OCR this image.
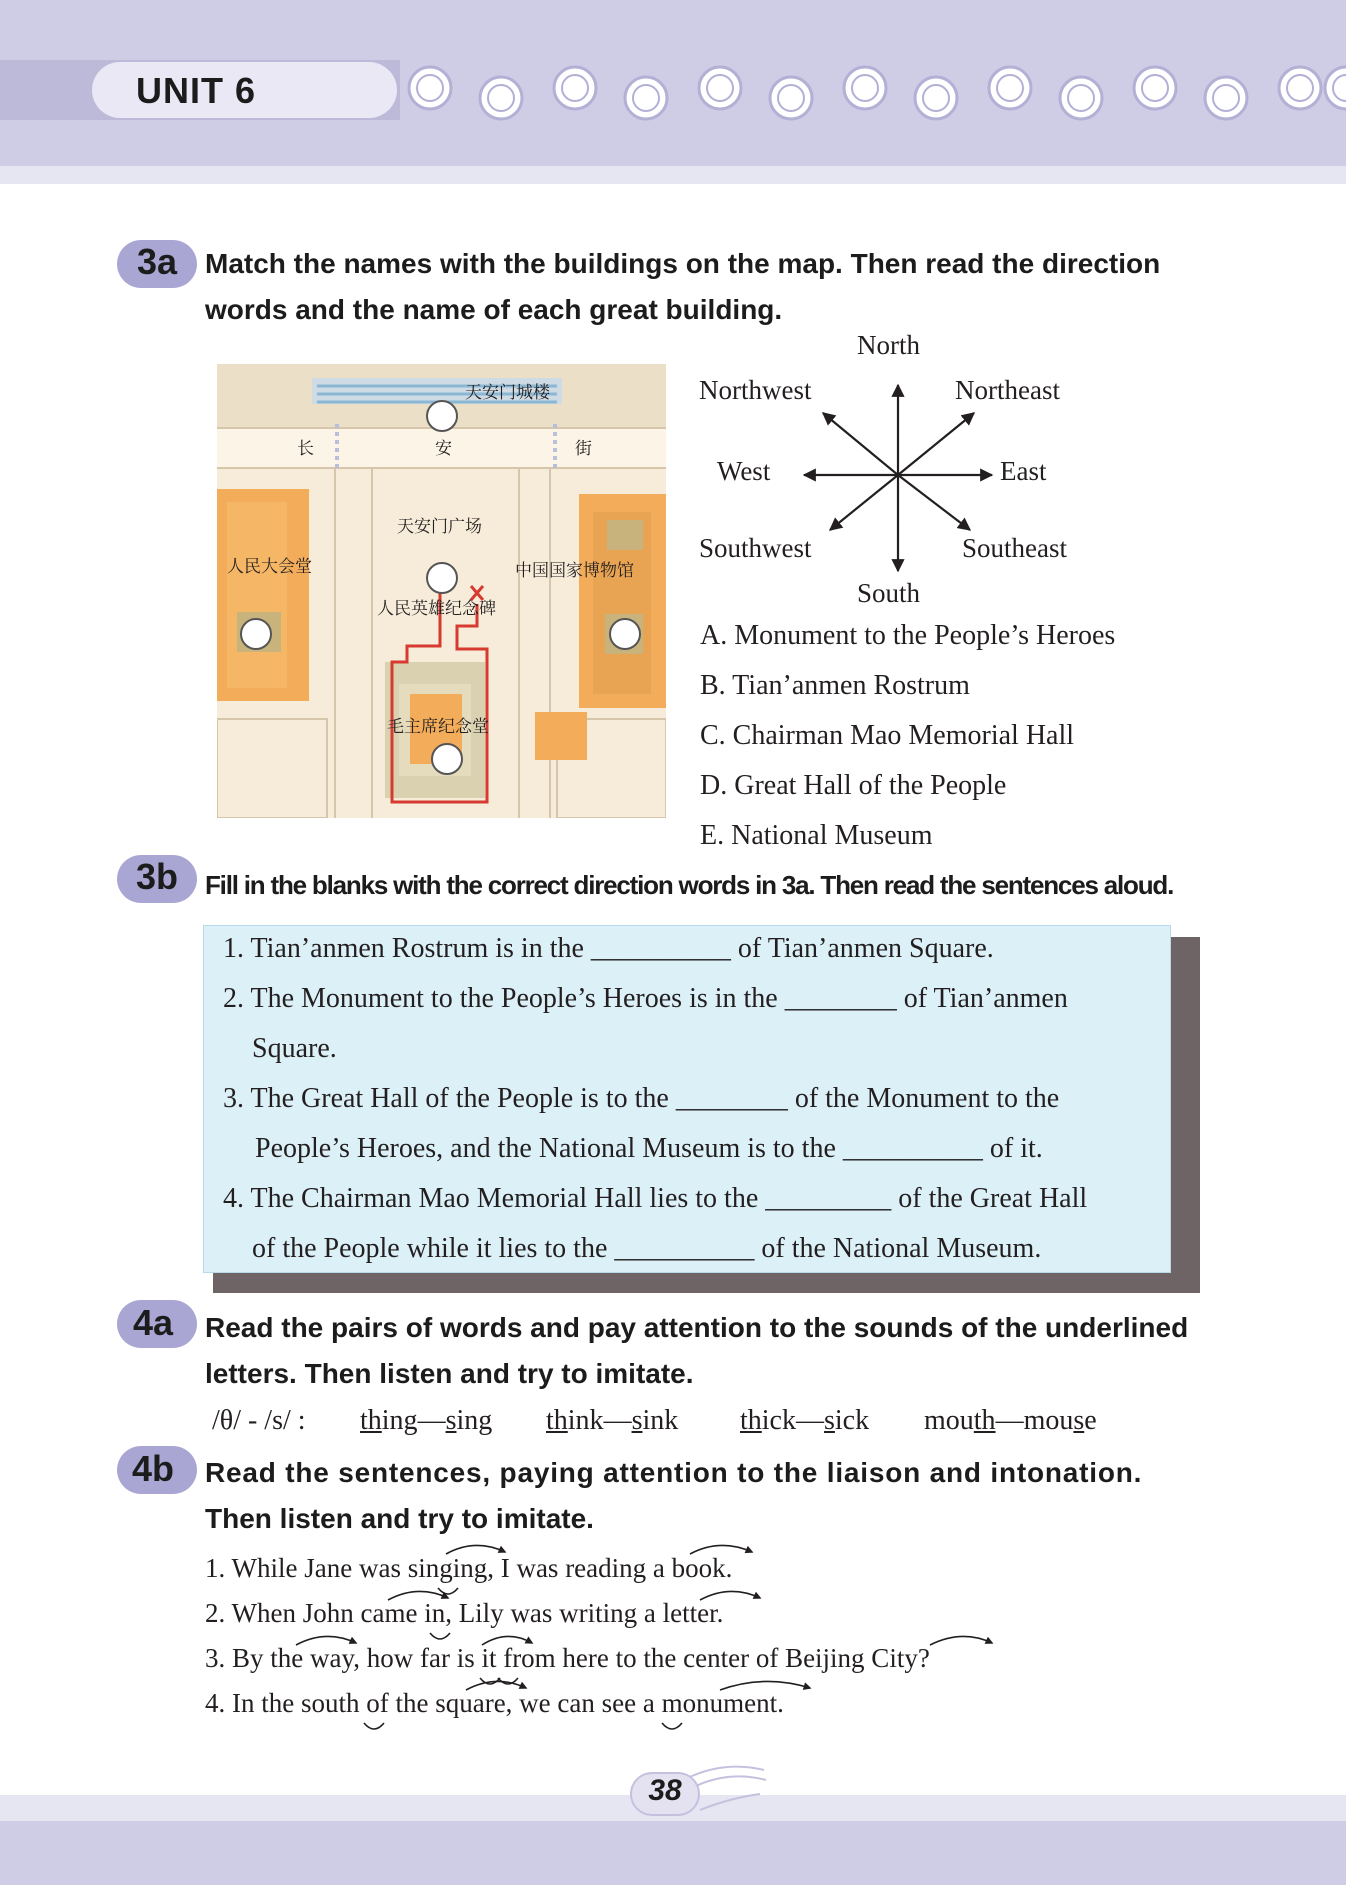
UNIT 6
3a Match the names with the buildings on the map. Then read the direction
words and the name of each great building.
天安门城楼
长	安	街
天安门广场
人民大会堂	中国国家博物馆
人民英雄纪念碑
毛主席纪念堂
North
Northwest	Northeast
West	East
Southwest	Southeast
South
A. Monument to the People’s Heroes
B. Tian’anmen Rostrum
C. Chairman Mao Memorial Hall
D. Great Hall of the People
E. National Museum
3b	Fill in the blanks with the correct direction words in 3a. Then read the sentences aloud.
1. Tian’anmen Rostrum is in the __________ of Tian’anmen Square.
2. The Monument to the People’s Heroes is in the ________ of Tian’anmen
Square.
3. The Great Hall of the People is to the ________ of the Monument to the
People’s Heroes, and the National Museum is to the __________ of it.
4. The Chairman Mao Memorial Hall lies to the _________ of the Great Hall
of the People while it lies to the __________ of the National Museum.
4a	Read the pairs of words and pay attention to the sounds of the underlined
letters. Then listen and try to imitate.
/θ/ - /s/ : thing—sing think—sink thick—sick mouth—mouse
4b	Read the sentences, paying attention to the liaison and intonation.
Then listen and try to imitate.
1. While Jane was singing, I was reading a book.
2. When John came in, Lily was writing a letter.
3. By the way, how far is it from here to the center of Beijing City?
4. In the south of the square, we can see a monument.
38
